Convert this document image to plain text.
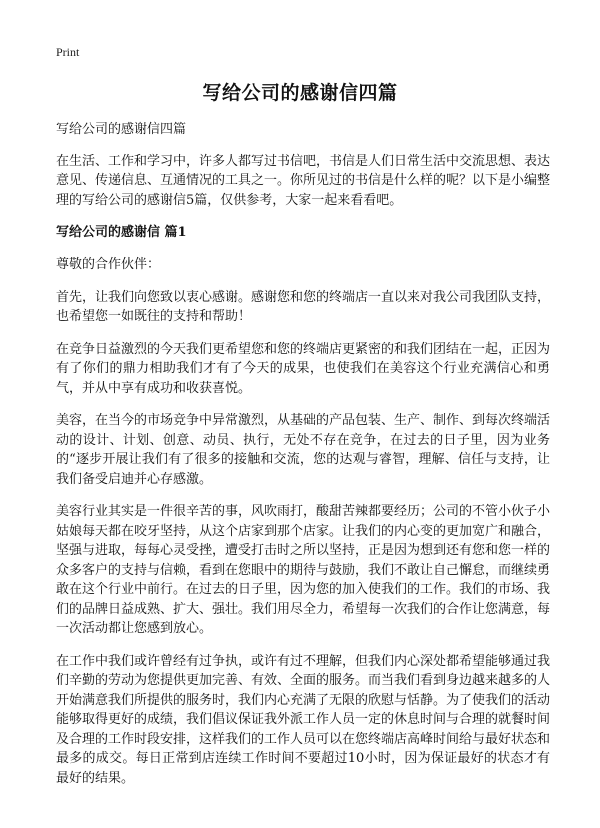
Print
写给公司的感谢信四篇

写给公司的感谢信四篇

在生活、工作和学习中，许多人都写过书信吧，书信是人们日常生活中交流思想、表达意见、传递信息、互通情况的工具之一。你所见过的书信是什么样的呢？以下是小编整理的写给公司的感谢信5篇，仅供参考，大家一起来看看吧。

写给公司的感谢信 篇1

尊敬的合作伙伴：

首先，让我们向您致以衷心感谢。感谢您和您的终端店一直以来对我公司我团队支持，也希望您一如既往的支持和帮助！

在竞争日益激烈的今天我们更希望您和您的终端店更紧密的和我们团结在一起，正因为有了你们的鼎力相助我们才有了今天的成果，也使我们在美容这个行业充满信心和勇气，并从中享有成功和收获喜悦。

美容，在当今的市场竞争中异常激烈，从基础的产品包装、生产、制作、到每次终端活动的设计、计划、创意、动员、执行，无处不存在竞争，在过去的日子里，因为业务的“逐步开展让我们有了很多的接触和交流，您的达观与睿智，理解、信任与支持，让我们备受启迪并心存感激。

美容行业其实是一件很辛苦的事，风吹雨打，酸甜苦辣都要经历；公司的不管小伙子小姑娘每天都在咬牙坚持，从这个店家到那个店家。让我们的内心变的更加宽广和融合，坚强与进取，每每心灵受挫，遭受打击时之所以坚持，正是因为想到还有您和您一样的众多客户的支持与信赖，看到在您眼中的期待与鼓励，我们不敢让自己懈怠，而继续勇敢在这个行业中前行。在过去的日子里，因为您的加入使我们的工作。我们的市场、我们的品牌日益成熟、扩大、强壮。我们用尽全力，希望每一次我们的合作让您满意，每一次活动都让您感到放心。

在工作中我们或许曾经有过争执，或许有过不理解，但我们内心深处都希望能够通过我们辛勤的劳动为您提供更加完善、有效、全面的服务。而当我们看到身边越来越多的人开始满意我们所提供的服务时，我们内心充满了无限的欣慰与恬静。为了使我们的活动能够取得更好的成绩，我们倡议保证我外派工作人员一定的休息时间与合理的就餐时间及合理的工作时段安排，这样我们的工作人员可以在您终端店高峰时间给与最好状态和最多的成交。每日正常到店连续工作时间不要超过10小时，因为保证最好的状态才有最好的结果。
